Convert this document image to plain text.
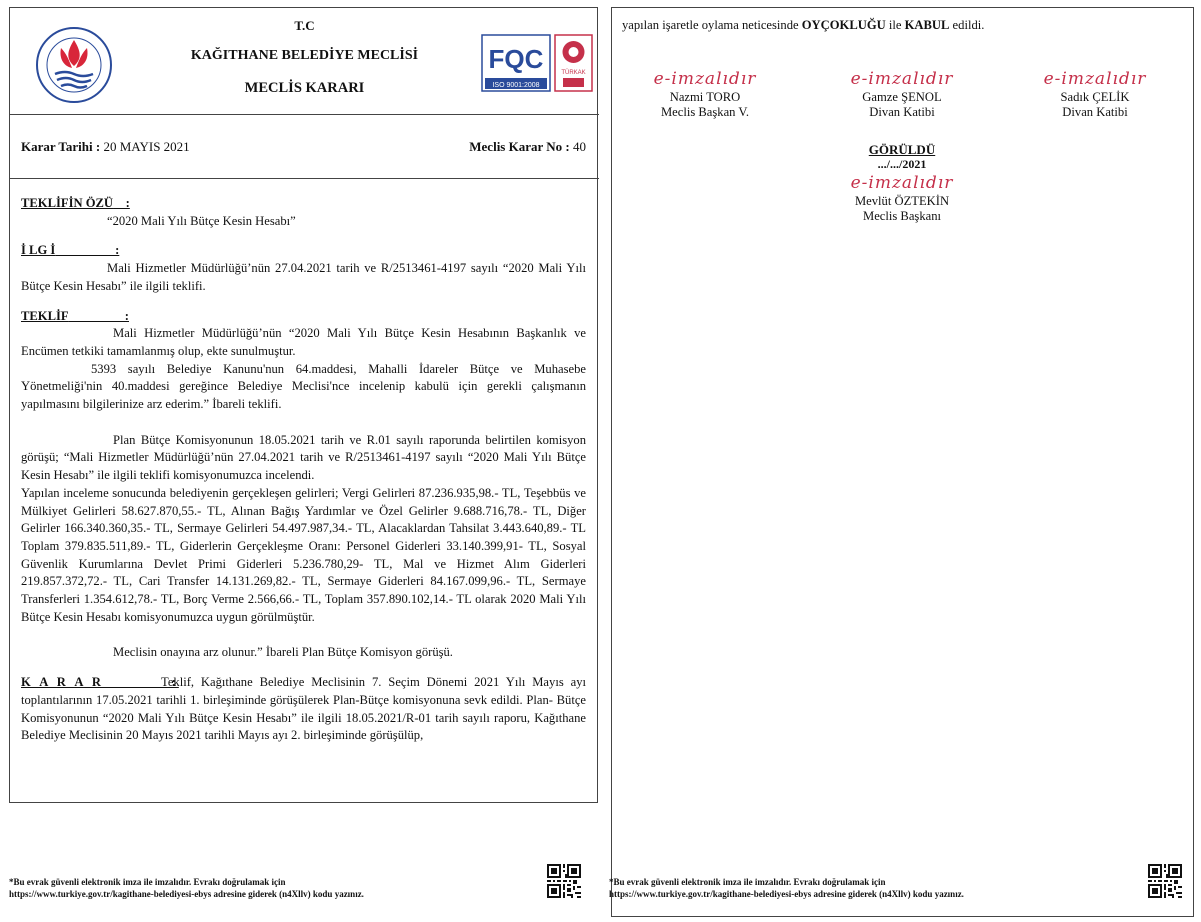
T.C
KAĞITHANE BELEDİYE MECLİSİ
MECLİS KARARI
FQC
ISO 9001:2008
TÜRKAK
Karar Tarihi : 20 MAYIS 2021	Meclis Karar No : 40
TEKLİFİN ÖZÜ    :

“2020 Mali Yılı Bütçe Kesin Hesabı”

İ LG İ                   :

Mali Hizmetler Müdürlüğü’nün 27.04.2021 tarih ve R/2513461-4197 sayılı “2020 Mali Yılı Bütçe Kesin Hesabı” ile ilgili teklifi.

TEKLİF                  :

Mali Hizmetler Müdürlüğü’nün “2020 Mali Yılı Bütçe Kesin Hesabının Başkanlık ve Encümen tetkiki tamamlanmış olup, ekte sunulmuştur.

5393 sayılı Belediye Kanunu'nun 64.maddesi, Mahalli İdareler Bütçe ve Muhasebe Yönetmeliği'nin 40.maddesi gereğince Belediye Meclisi'nce incelenip kabulü için gerekli çalışmanın yapılmasını bilgilerinize arz ederim.” İbareli teklifi.

Plan Bütçe Komisyonunun 18.05.2021 tarih ve R.01 sayılı raporunda belirtilen komisyon görüşü; “Mali Hizmetler Müdürlüğü’nün 27.04.2021 tarih ve R/2513461-4197 sayılı “2020 Mali Yılı Bütçe Kesin Hesabı” ile ilgili teklifi komisyonumuzca incelendi.

Yapılan inceleme sonucunda belediyenin gerçekleşen gelirleri; Vergi Gelirleri 87.236.935,98.- TL, Teşebbüs ve Mülkiyet Gelirleri 58.627.870,55.- TL, Alınan Bağış Yardımlar ve Özel Gelirler 9.688.716,78.- TL, Diğer Gelirler 166.340.360,35.- TL, Sermaye Gelirleri 54.497.987,34.- TL, Alacaklardan Tahsilat 3.443.640,89.- TL Toplam 379.835.511,89.- TL, Giderlerin Gerçekleşme Oranı: Personel Giderleri 33.140.399,91- TL, Sosyal Güvenlik Kurumlarına Devlet Primi Giderleri 5.236.780,29- TL, Mal ve Hizmet Alım Giderleri 219.857.372,72.- TL, Cari Transfer 14.131.269,82.- TL, Sermaye Giderleri 84.167.099,96.- TL, Sermaye Transferleri 1.354.612,78.- TL, Borç Verme 2.566,66.- TL, Toplam 357.890.102,14.- TL olarak 2020 Mali Yılı Bütçe Kesin Hesabı komisyonumuzca uygun görülmüştür.

Meclisin onayına arz olunur.” İbareli Plan Bütçe Komisyon görüşü.

K A R A R           :

Teklif, Kağıthane Belediye Meclisinin 7. Seçim Dönemi 2021 Yılı Mayıs ayı toplantılarının 17.05.2021 tarihli 1. birleşiminde görüşülerek Plan-Bütçe komisyonuna sevk edildi. Plan- Bütçe Komisyonunun “2020 Mali Yılı Bütçe Kesin Hesabı” ile ilgili 18.05.2021/R-01 tarih sayılı raporu, Kağıthane Belediye Meclisinin 20 Mayıs 2021 tarihli Mayıs ayı 2. birleşiminde görüşülüp,

*Bu evrak güvenli elektronik imza ile imzalıdır. Evrakı doğrulamak için
https://www.turkiye.gov.tr/kagithane-belediyesi-ebys adresine giderek (n4Xllv) kodu yazınız.
yapılan işaretle oylama neticesinde OYÇOKLUĞU ile KABUL edildi.
e-imzalıdır
Nazmi TORO
Meclis Başkan V.
e-imzalıdır
Gamze ŞENOL
Divan Katibi
e-imzalıdır
Sadık ÇELİK
Divan Katibi
GÖRÜLDÜ
.../.../2021
e-imzalıdır
Mevlüt ÖZTEKİN
Meclis Başkanı
*Bu evrak güvenli elektronik imza ile imzalıdır. Evrakı doğrulamak için
https://www.turkiye.gov.tr/kagithane-belediyesi-ebys adresine giderek (n4Xllv) kodu yazınız.
